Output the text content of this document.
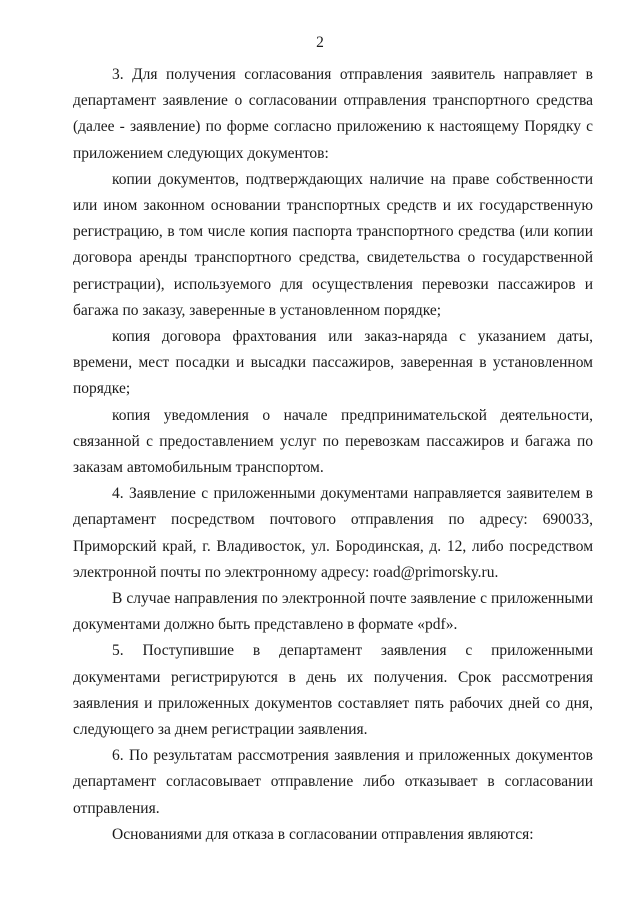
2

3. Для получения согласования отправления заявитель направляет в департамент заявление о согласовании отправления транспортного средства (далее - заявление) по форме согласно приложению к настоящему Порядку с приложением следующих документов:

копии документов, подтверждающих наличие на праве собственности или ином законном основании транспортных средств и их государственную регистрацию, в том числе копия паспорта транспортного средства (или копии договора аренды транспортного средства, свидетельства о государственной регистрации), используемого для осуществления перевозки пассажиров и багажа по заказу, заверенные в установленном порядке;

копия договора фрахтования или заказ-наряда с указанием даты, времени, мест посадки и высадки пассажиров, заверенная в установленном порядке;

копия уведомления о начале предпринимательской деятельности, связанной с предоставлением услуг по перевозкам пассажиров и багажа по заказам автомобильным транспортом.

4. Заявление с приложенными документами направляется заявителем в департамент посредством почтового отправления по адресу: 690033, Приморский край, г. Владивосток, ул. Бородинская, д. 12, либо посредством электронной почты по электронному адресу: road@primorsky.ru.

В случае направления по электронной почте заявление с приложенными документами должно быть представлено в формате «pdf».

5. Поступившие в департамент заявления с приложенными документами регистрируются в день их получения. Срок рассмотрения заявления и приложенных документов составляет пять рабочих дней со дня, следующего за днем регистрации заявления.

6. По результатам рассмотрения заявления и приложенных документов департамент согласовывает отправление либо отказывает в согласовании отправления.

Основаниями для отказа в согласовании отправления являются:
